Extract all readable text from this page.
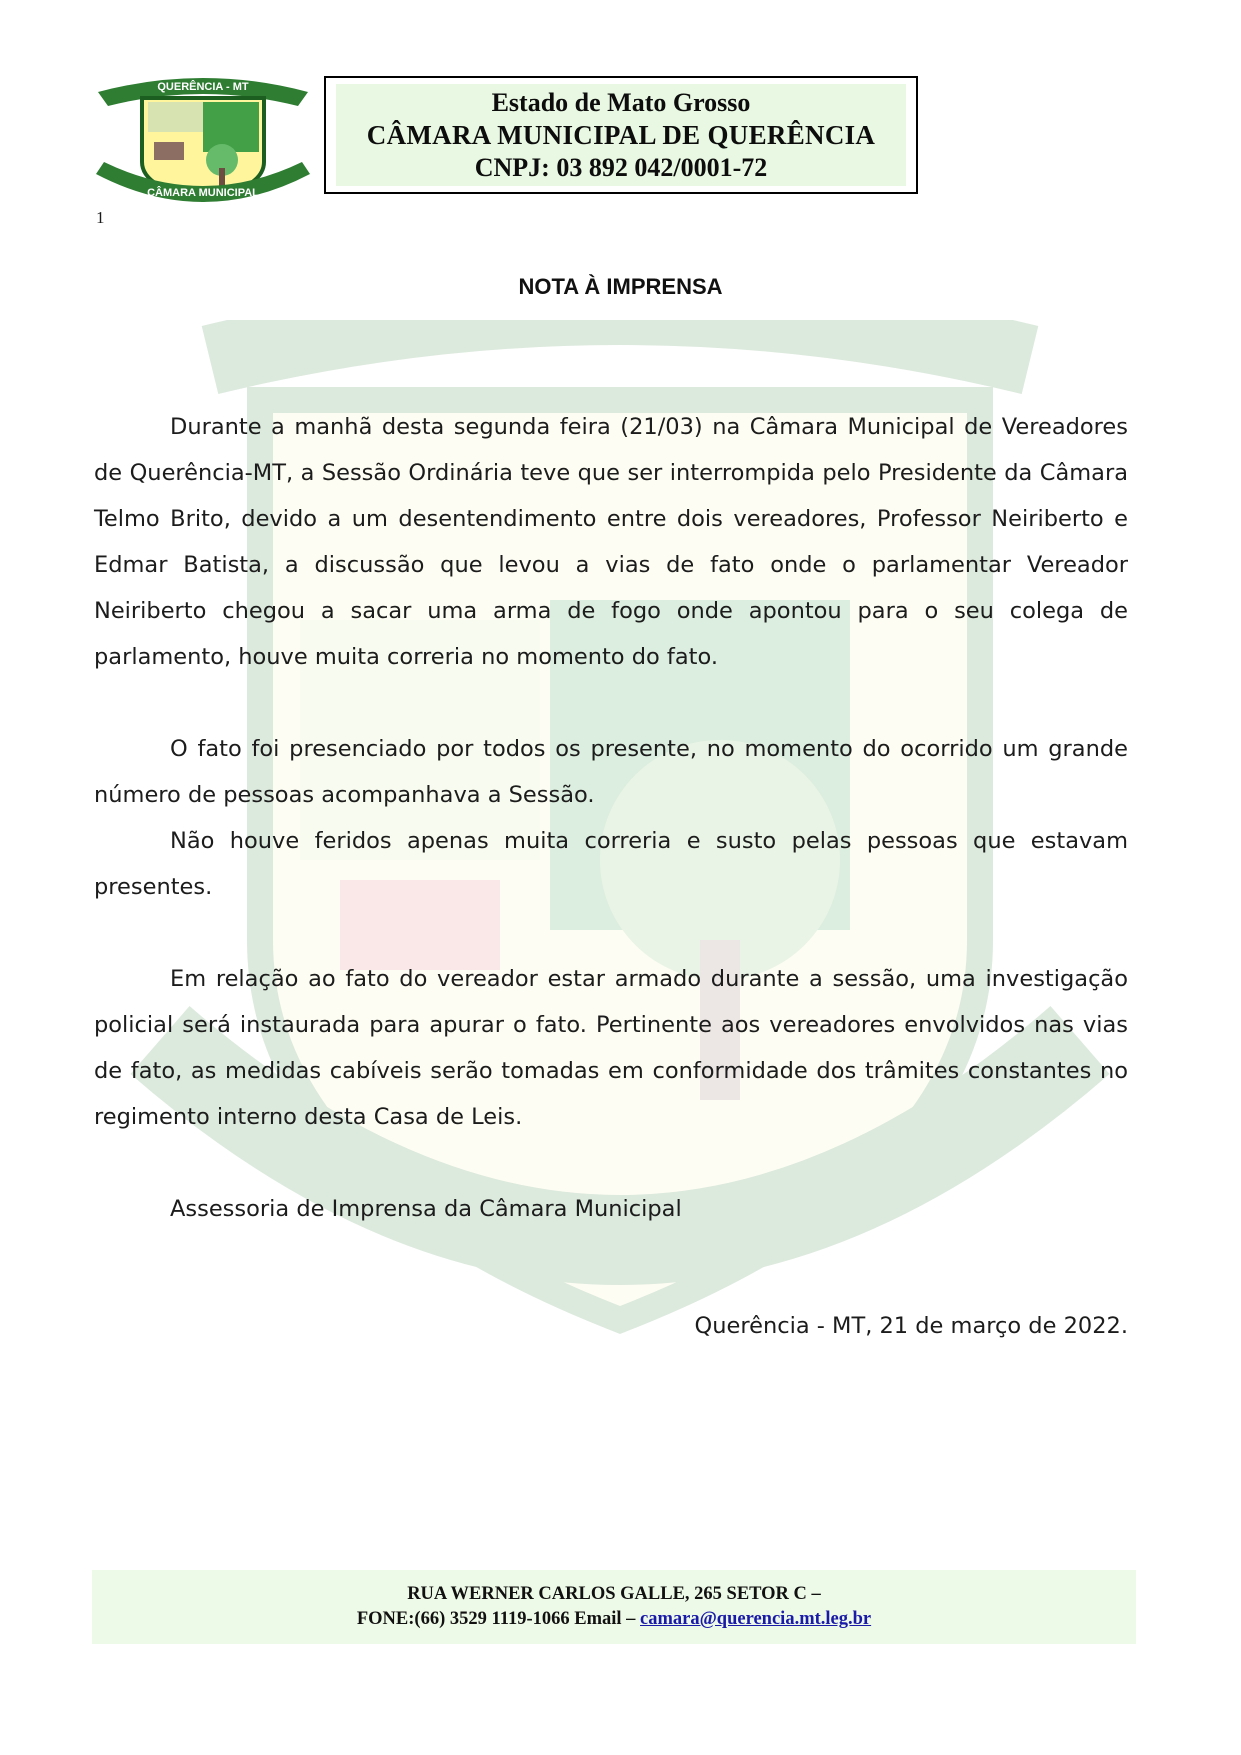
QUERÊNCIA - MT
CÂMARA MUNICIPAL
Estado de Mato Grosso
CÂMARA MUNICIPAL DE QUERÊNCIA
CNPJ: 03 892 042/0001-72
1
NOTA À IMPRENSA

Durante a manhã desta segunda feira (21/03) na Câmara Municipal de Vereadores de Querência-MT, a Sessão Ordinária teve que ser interrompida pelo Presidente da Câmara Telmo Brito, devido a um desentendimento entre dois vereadores, Professor Neiriberto e Edmar Batista, a discussão que levou a vias de fato onde o parlamentar Vereador Neiriberto chegou a sacar uma arma de fogo onde apontou para o seu colega de parlamento, houve muita correria no momento do fato.

O fato foi presenciado por todos os presente, no momento do ocorrido um grande número de pessoas acompanhava a Sessão.

Não houve feridos apenas muita correria e susto pelas pessoas que estavam presentes.

Em relação ao fato do vereador estar armado durante a sessão, uma investigação policial será instaurada para apurar o fato. Pertinente aos vereadores envolvidos nas vias de fato, as medidas cabíveis serão tomadas em conformidade dos trâmites constantes no regimento interno desta Casa de Leis.

Assessoria de Imprensa da Câmara Municipal

Querência - MT, 21 de março de 2022.

RUA WERNER CARLOS GALLE, 265 SETOR C –
FONE:(66) 3529 1119-1066 Email – camara@querencia.mt.leg.br
